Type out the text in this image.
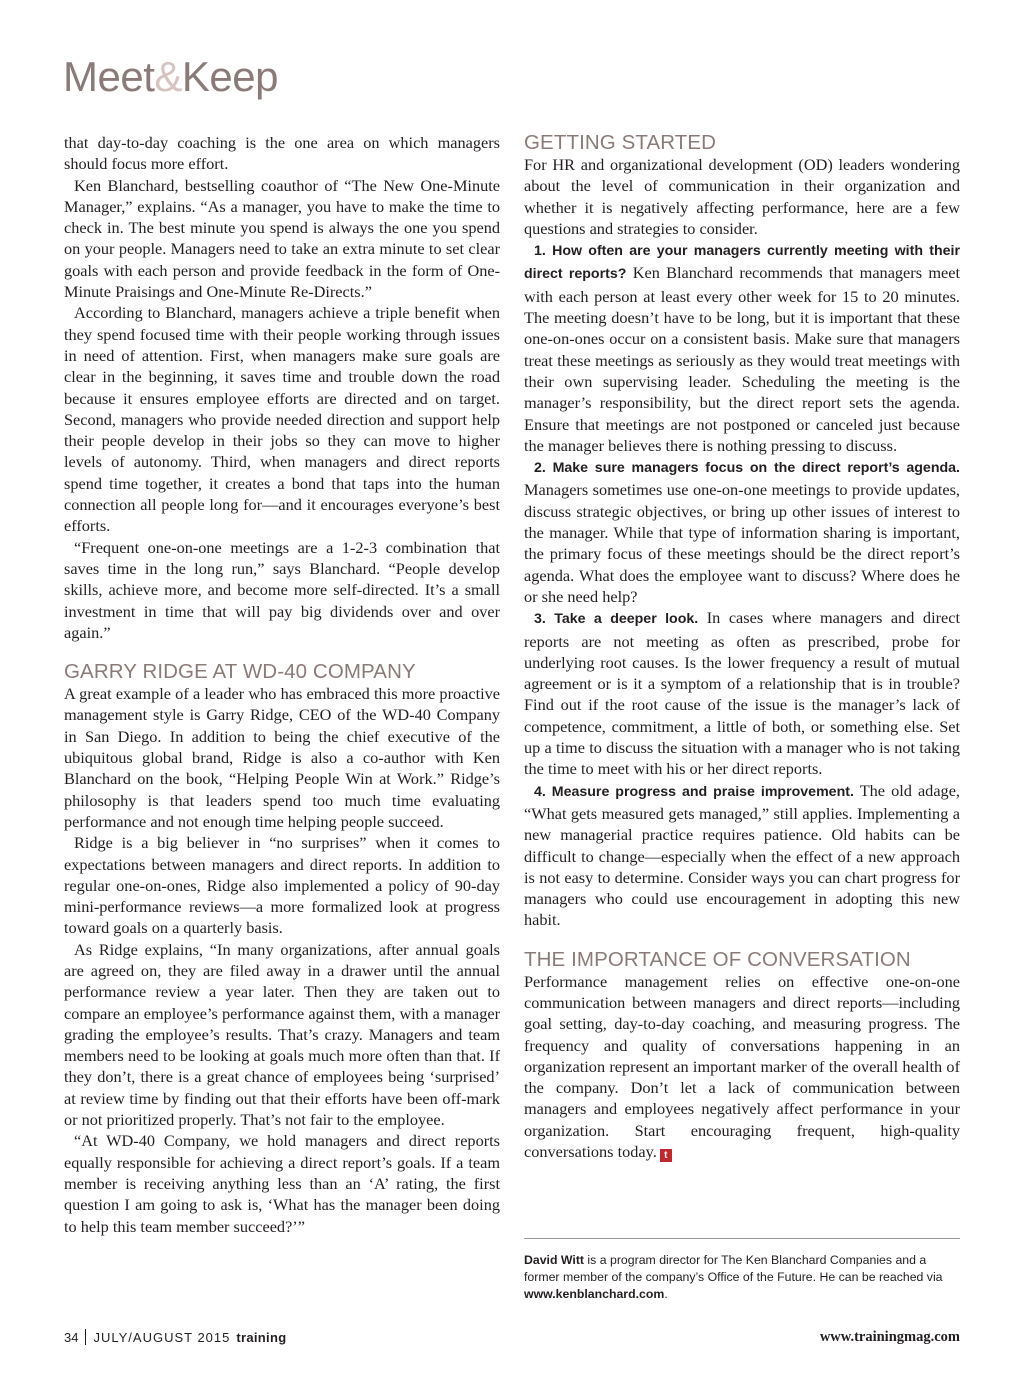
Meet&Keep

that day-to-day coaching is the one area on which managers should focus more effort.

Ken Blanchard, bestselling coauthor of “The New One-Minute Manager,” explains. “As a manager, you have to make the time to check in. The best minute you spend is always the one you spend on your people. Managers need to take an extra minute to set clear goals with each person and provide feedback in the form of One-Minute Praisings and One-Minute Re-Directs.”

According to Blanchard, managers achieve a triple benefit when they spend focused time with their people working through issues in need of attention. First, when managers make sure goals are clear in the beginning, it saves time and trouble down the road because it ensures employee efforts are directed and on target. Second, managers who provide needed direction and support help their people develop in their jobs so they can move to higher levels of autonomy. Third, when managers and direct reports spend time together, it creates a bond that taps into the human connection all people long for—and it encourages everyone’s best efforts.

“Frequent one-on-one meetings are a 1-2-3 combination that saves time in the long run,” says Blanchard. “People develop skills, achieve more, and become more self-directed. It’s a small investment in time that will pay big dividends over and over again.”

GARRY RIDGE AT WD-40 COMPANY

A great example of a leader who has embraced this more proactive management style is Garry Ridge, CEO of the WD-40 Company in San Diego. In addition to being the chief executive of the ubiquitous global brand, Ridge is also a co-author with Ken Blanchard on the book, “Helping People Win at Work.” Ridge’s philosophy is that leaders spend too much time evaluating performance and not enough time helping people succeed.

Ridge is a big believer in “no surprises” when it comes to expectations between managers and direct reports. In addition to regular one-on-ones, Ridge also implemented a policy of 90-day mini-performance reviews—a more formalized look at progress toward goals on a quarterly basis.

As Ridge explains, “In many organizations, after annual goals are agreed on, they are filed away in a drawer until the annual performance review a year later. Then they are taken out to compare an employee’s performance against them, with a manager grading the employee’s results. That’s crazy. Managers and team members need to be looking at goals much more often than that. If they don’t, there is a great chance of employees being ‘surprised’ at review time by finding out that their efforts have been off-mark or not prioritized properly. That’s not fair to the employee.

“At WD-40 Company, we hold managers and direct reports equally responsible for achieving a direct report’s goals. If a team member is receiving anything less than an ‘A’ rating, the first question I am going to ask is, ‘What has the manager been doing to help this team member succeed?’”

GETTING STARTED

For HR and organizational development (OD) leaders wondering about the level of communication in their organization and whether it is negatively affecting performance, here are a few questions and strategies to consider.

1. How often are your managers currently meeting with their direct reports? Ken Blanchard recommends that managers meet with each person at least every other week for 15 to 20 minutes. The meeting doesn’t have to be long, but it is important that these one-on-ones occur on a consistent basis. Make sure that managers treat these meetings as seriously as they would treat meetings with their own supervising leader. Scheduling the meeting is the manager’s responsibility, but the direct report sets the agenda. Ensure that meetings are not postponed or canceled just because the manager believes there is nothing pressing to discuss.

2. Make sure managers focus on the direct report’s agenda. Managers sometimes use one-on-one meetings to provide updates, discuss strategic objectives, or bring up other issues of interest to the manager. While that type of information sharing is important, the primary focus of these meetings should be the direct report’s agenda. What does the employee want to discuss? Where does he or she need help?

3. Take a deeper look. In cases where managers and direct reports are not meeting as often as prescribed, probe for underlying root causes. Is the lower frequency a result of mutual agreement or is it a symptom of a relationship that is in trouble? Find out if the root cause of the issue is the manager’s lack of competence, commitment, a little of both, or something else. Set up a time to discuss the situation with a manager who is not taking the time to meet with his or her direct reports.

4. Measure progress and praise improvement. The old adage, “What gets measured gets managed,” still applies. Implementing a new managerial practice requires patience. Old habits can be difficult to change—especially when the effect of a new approach is not easy to determine. Consider ways you can chart progress for managers who could use encouragement in adopting this new habit.

THE IMPORTANCE OF CONVERSATION

Performance management relies on effective one-on-one communication between managers and direct reports—including goal setting, day-to-day coaching, and measuring progress. The frequency and quality of conversations happening in an organization represent an important marker of the overall health of the company. Don’t let a lack of communication between managers and employees negatively affect performance in your organization. Start encouraging frequent, high-quality conversations today. t

David Witt is a program director for The Ken Blanchard Companies and a former member of the company’s Office of the Future. He can be reached via www.kenblanchard.com.
34 JULY/AUGUST 2015 training	www.trainingmag.com
